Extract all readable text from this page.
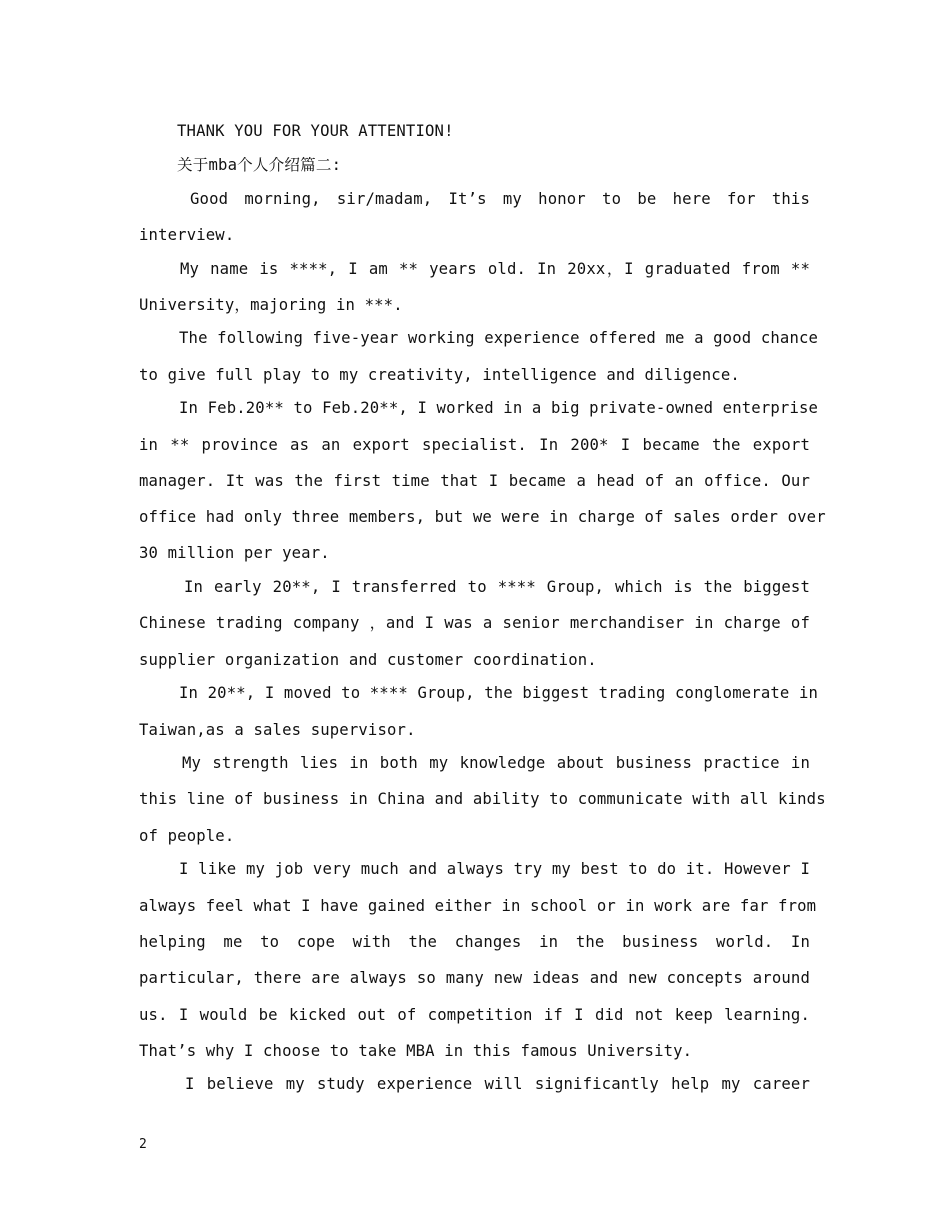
THANK YOU FOR YOUR ATTENTION!
关于mba个人介绍篇二:
Good morning, sir/madam, It’s my honor to be here for this
interview.
My name is ****, I am ** years old. In 20xx，I graduated from **
University，majoring in ***.
The following five-year working experience offered me a good chance
to give full play to my creativity, intelligence and diligence.
In Feb.20** to Feb.20**, I worked in a big private-owned enterprise
in ** province as an export specialist. In 200* I became the export
manager. It was the first time that I became a head of an office. Our
office had only three members, but we were in charge of sales order over
30 million per year.
In early 20**, I transferred to **** Group, which is the biggest
Chinese trading company ，and I was a senior merchandiser in charge of
supplier organization and customer coordination.
In 20**, I moved to **** Group, the biggest trading conglomerate in
Taiwan,as a sales supervisor.
My strength lies in both my knowledge about business practice in
this line of business in China and ability to communicate with all kinds
of people.
I like my job very much and always try my best to do it. However I
always feel what I have gained either in school or in work are far from
helping me to cope with the changes in the business world. In
particular, there are always so many new ideas and new concepts around
us. I would be kicked out of competition if I did not keep learning.
That’s why I choose to take MBA in this famous University.
I believe my study experience will significantly help my career
2
